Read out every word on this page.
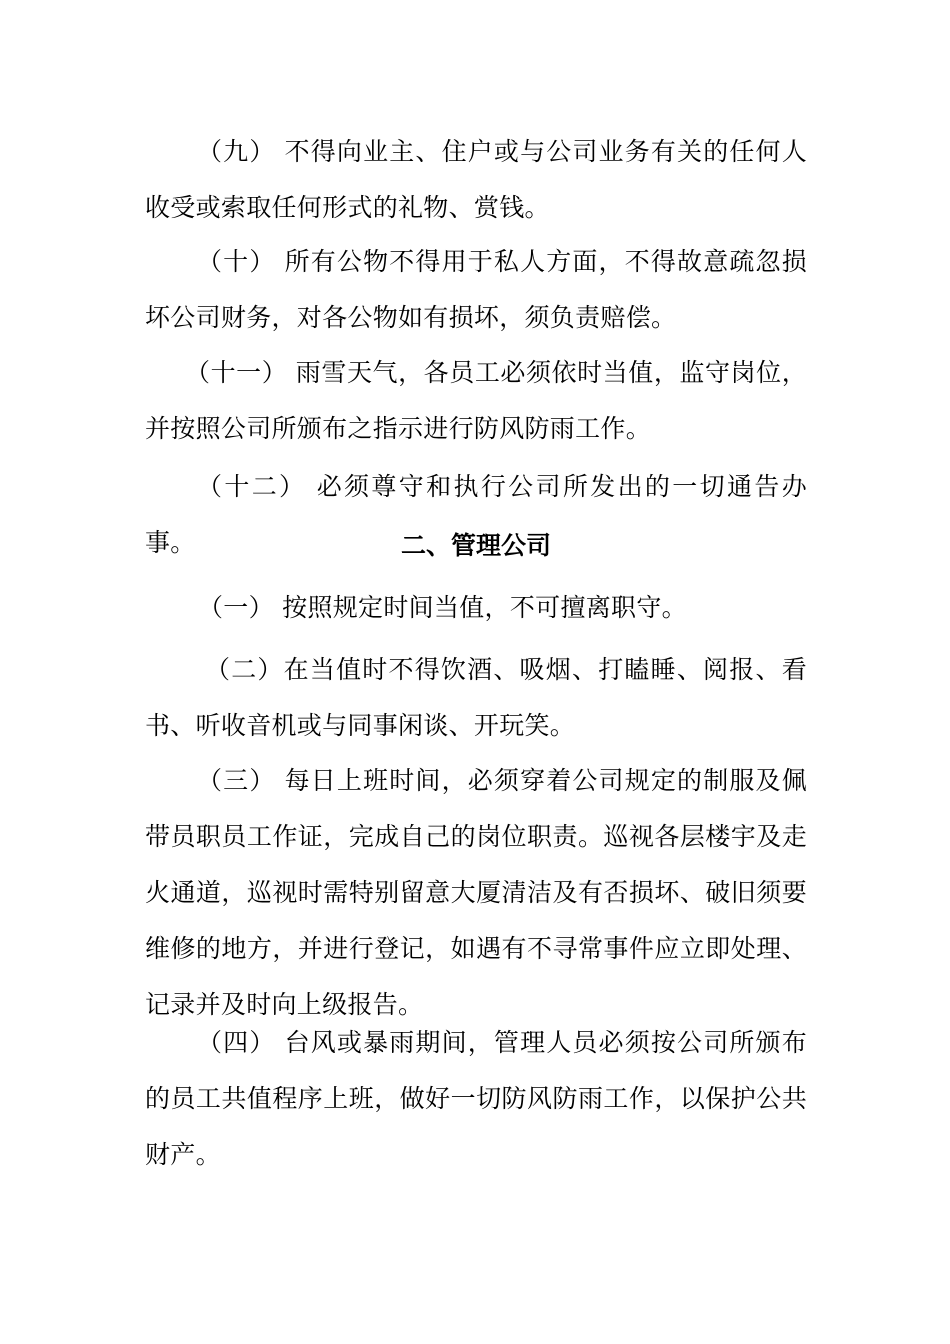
（九） 不得向业主、住户或与公司业务有关的任何人收受或索取任何形式的礼物、赏钱。

（十） 所有公物不得用于私人方面，不得故意疏忽损坏公司财务，对各公物如有损坏，须负责赔偿。

（十一） 雨雪天气，各员工必须依时当值，监守岗位，并按照公司所颁布之指示进行防风防雨工作。

（十二） 必须尊守和执行公司所发出的一切通告办事。	二、管理公司

（一） 按照规定时间当值，不可擅离职守。

（二）在当值时不得饮酒、吸烟、打瞌睡、阅报、看书、听收音机或与同事闲谈、开玩笑。

（三） 每日上班时间，必须穿着公司规定的制服及佩带员职员工作证，完成自己的岗位职责。巡视各层楼宇及走火通道，巡视时需特别留意大厦清洁及有否损坏、破旧须要维修的地方，并进行登记，如遇有不寻常事件应立即处理、记录并及时向上级报告。

（四） 台风或暴雨期间，管理人员必须按公司所颁布的员工共值程序上班，做好一切防风防雨工作，以保护公共财产。
